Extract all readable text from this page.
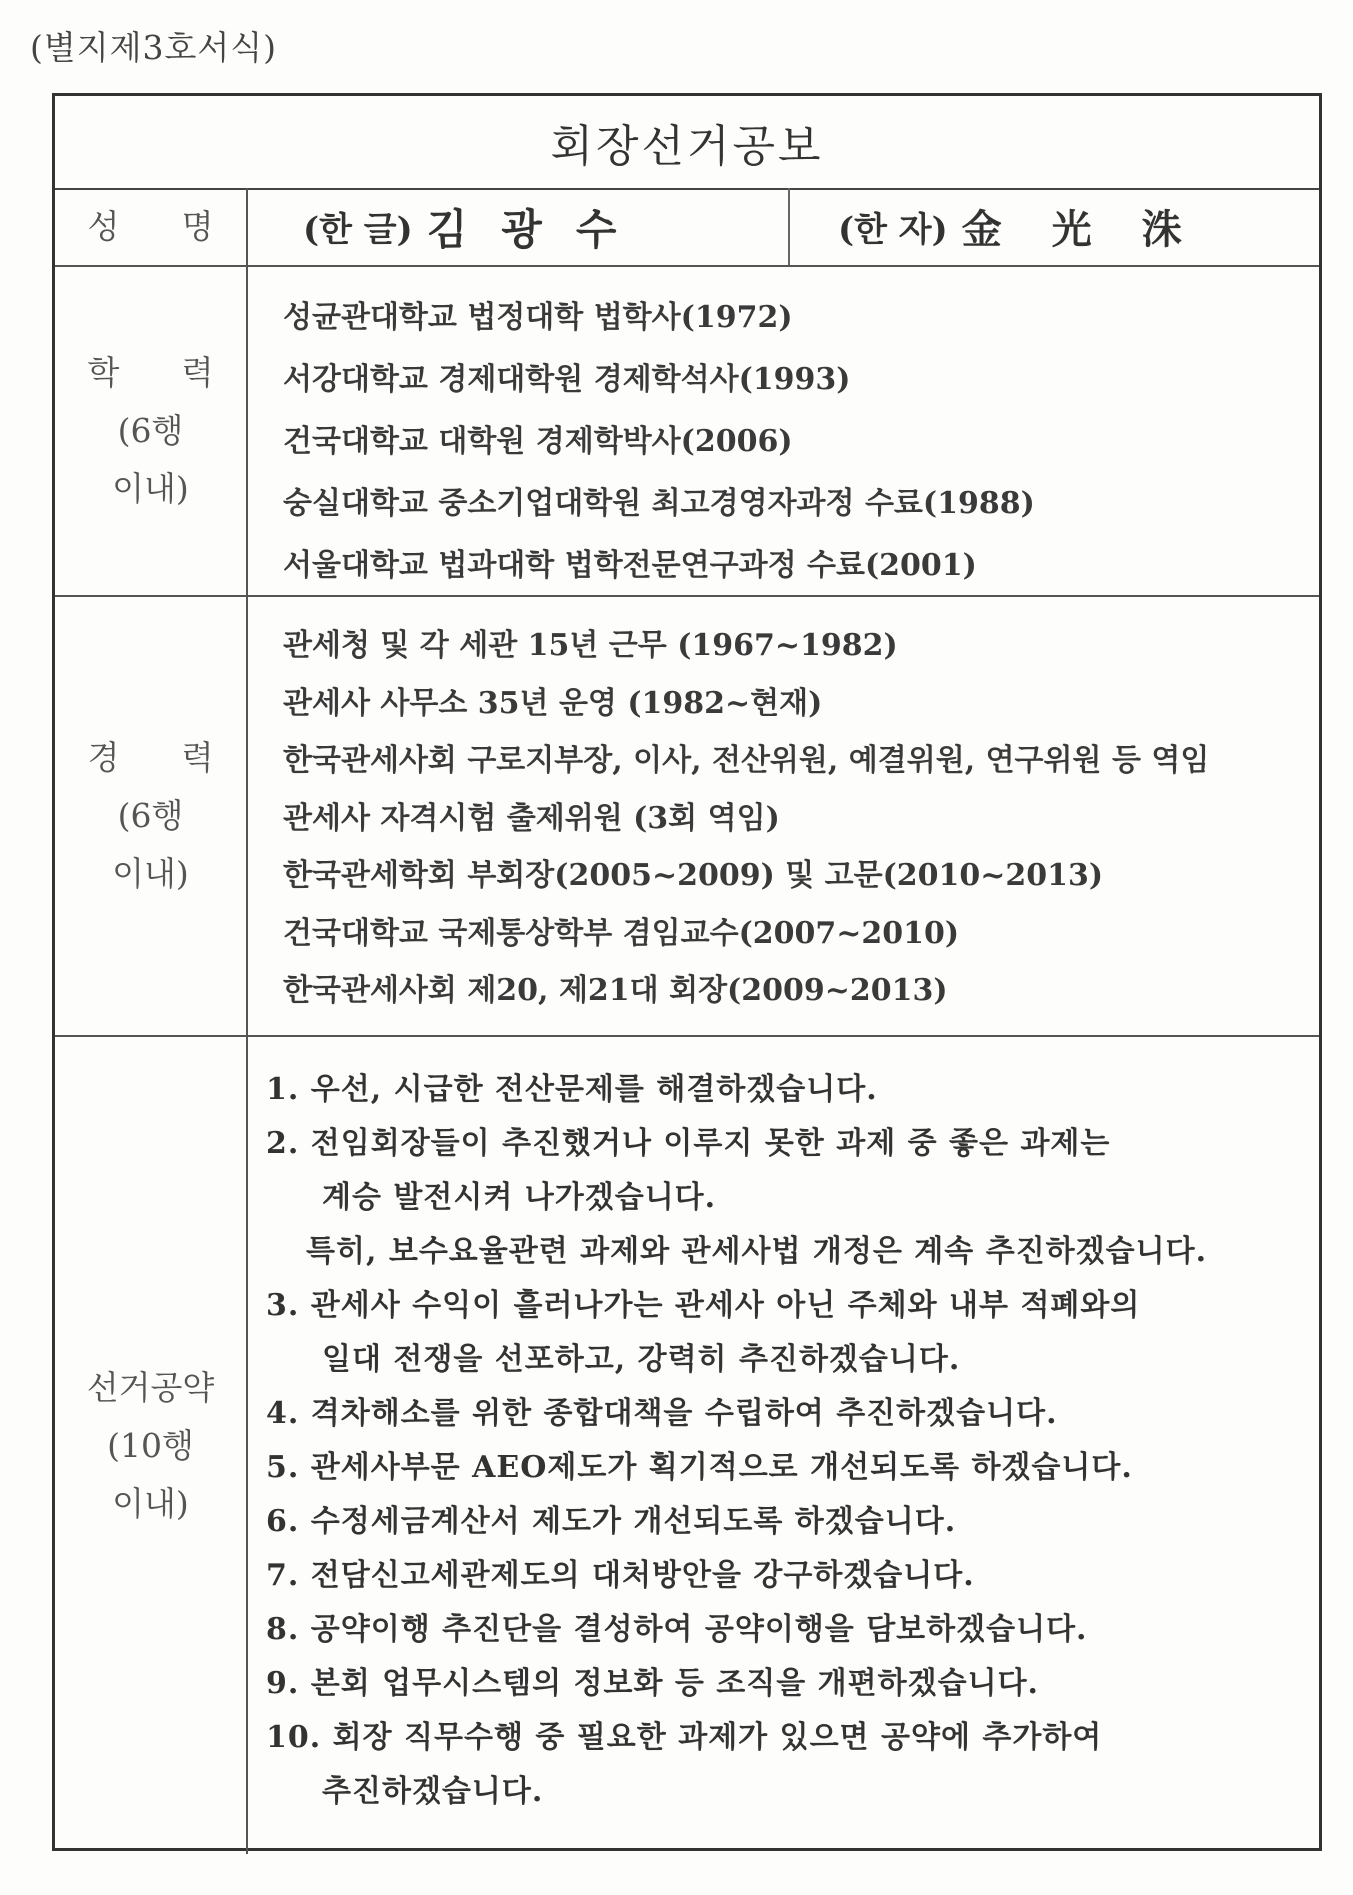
(별지제3호서식)
회장선거공보
성 명	(한 글) 김광수	(한 자) 金光洙
학 력
(6행
이내)
성균관대학교 법정대학 법학사(1972)
서강대학교 경제대학원 경제학석사(1993)
건국대학교 대학원 경제학박사(2006)
숭실대학교 중소기업대학원 최고경영자과정 수료(1988)
서울대학교 법과대학 법학전문연구과정 수료(2001)
경 력
(6행
이내)
관세청 및 각 세관 15년 근무 (1967~1982)
관세사 사무소 35년 운영 (1982~현재)
한국관세사회 구로지부장, 이사, 전산위원, 예결위원, 연구위원 등 역임
관세사 자격시험 출제위원 (3회 역임)
한국관세학회 부회장(2005~2009) 및 고문(2010~2013)
건국대학교 국제통상학부 겸임교수(2007~2010)
한국관세사회 제20, 제21대 회장(2009~2013)
선거공약
(10행
이내)
1. 우선, 시급한 전산문제를 해결하겠습니다.
2. 전임회장들이 추진했거나 이루지 못한 과제 중 좋은 과제는
계승 발전시켜 나가겠습니다.
특히, 보수요율관련 과제와 관세사법 개정은 계속 추진하겠습니다.
3. 관세사 수익이 흘러나가는 관세사 아닌 주체와 내부 적폐와의
일대 전쟁을 선포하고, 강력히 추진하겠습니다.
4. 격차해소를 위한 종합대책을 수립하여 추진하겠습니다.
5. 관세사부문 AEO제도가 획기적으로 개선되도록 하겠습니다.
6. 수정세금계산서 제도가 개선되도록 하겠습니다.
7. 전담신고세관제도의 대처방안을 강구하겠습니다.
8. 공약이행 추진단을 결성하여 공약이행을 담보하겠습니다.
9. 본회 업무시스템의 정보화 등 조직을 개편하겠습니다.
10. 회장 직무수행 중 필요한 과제가 있으면 공약에 추가하여
추진하겠습니다.
